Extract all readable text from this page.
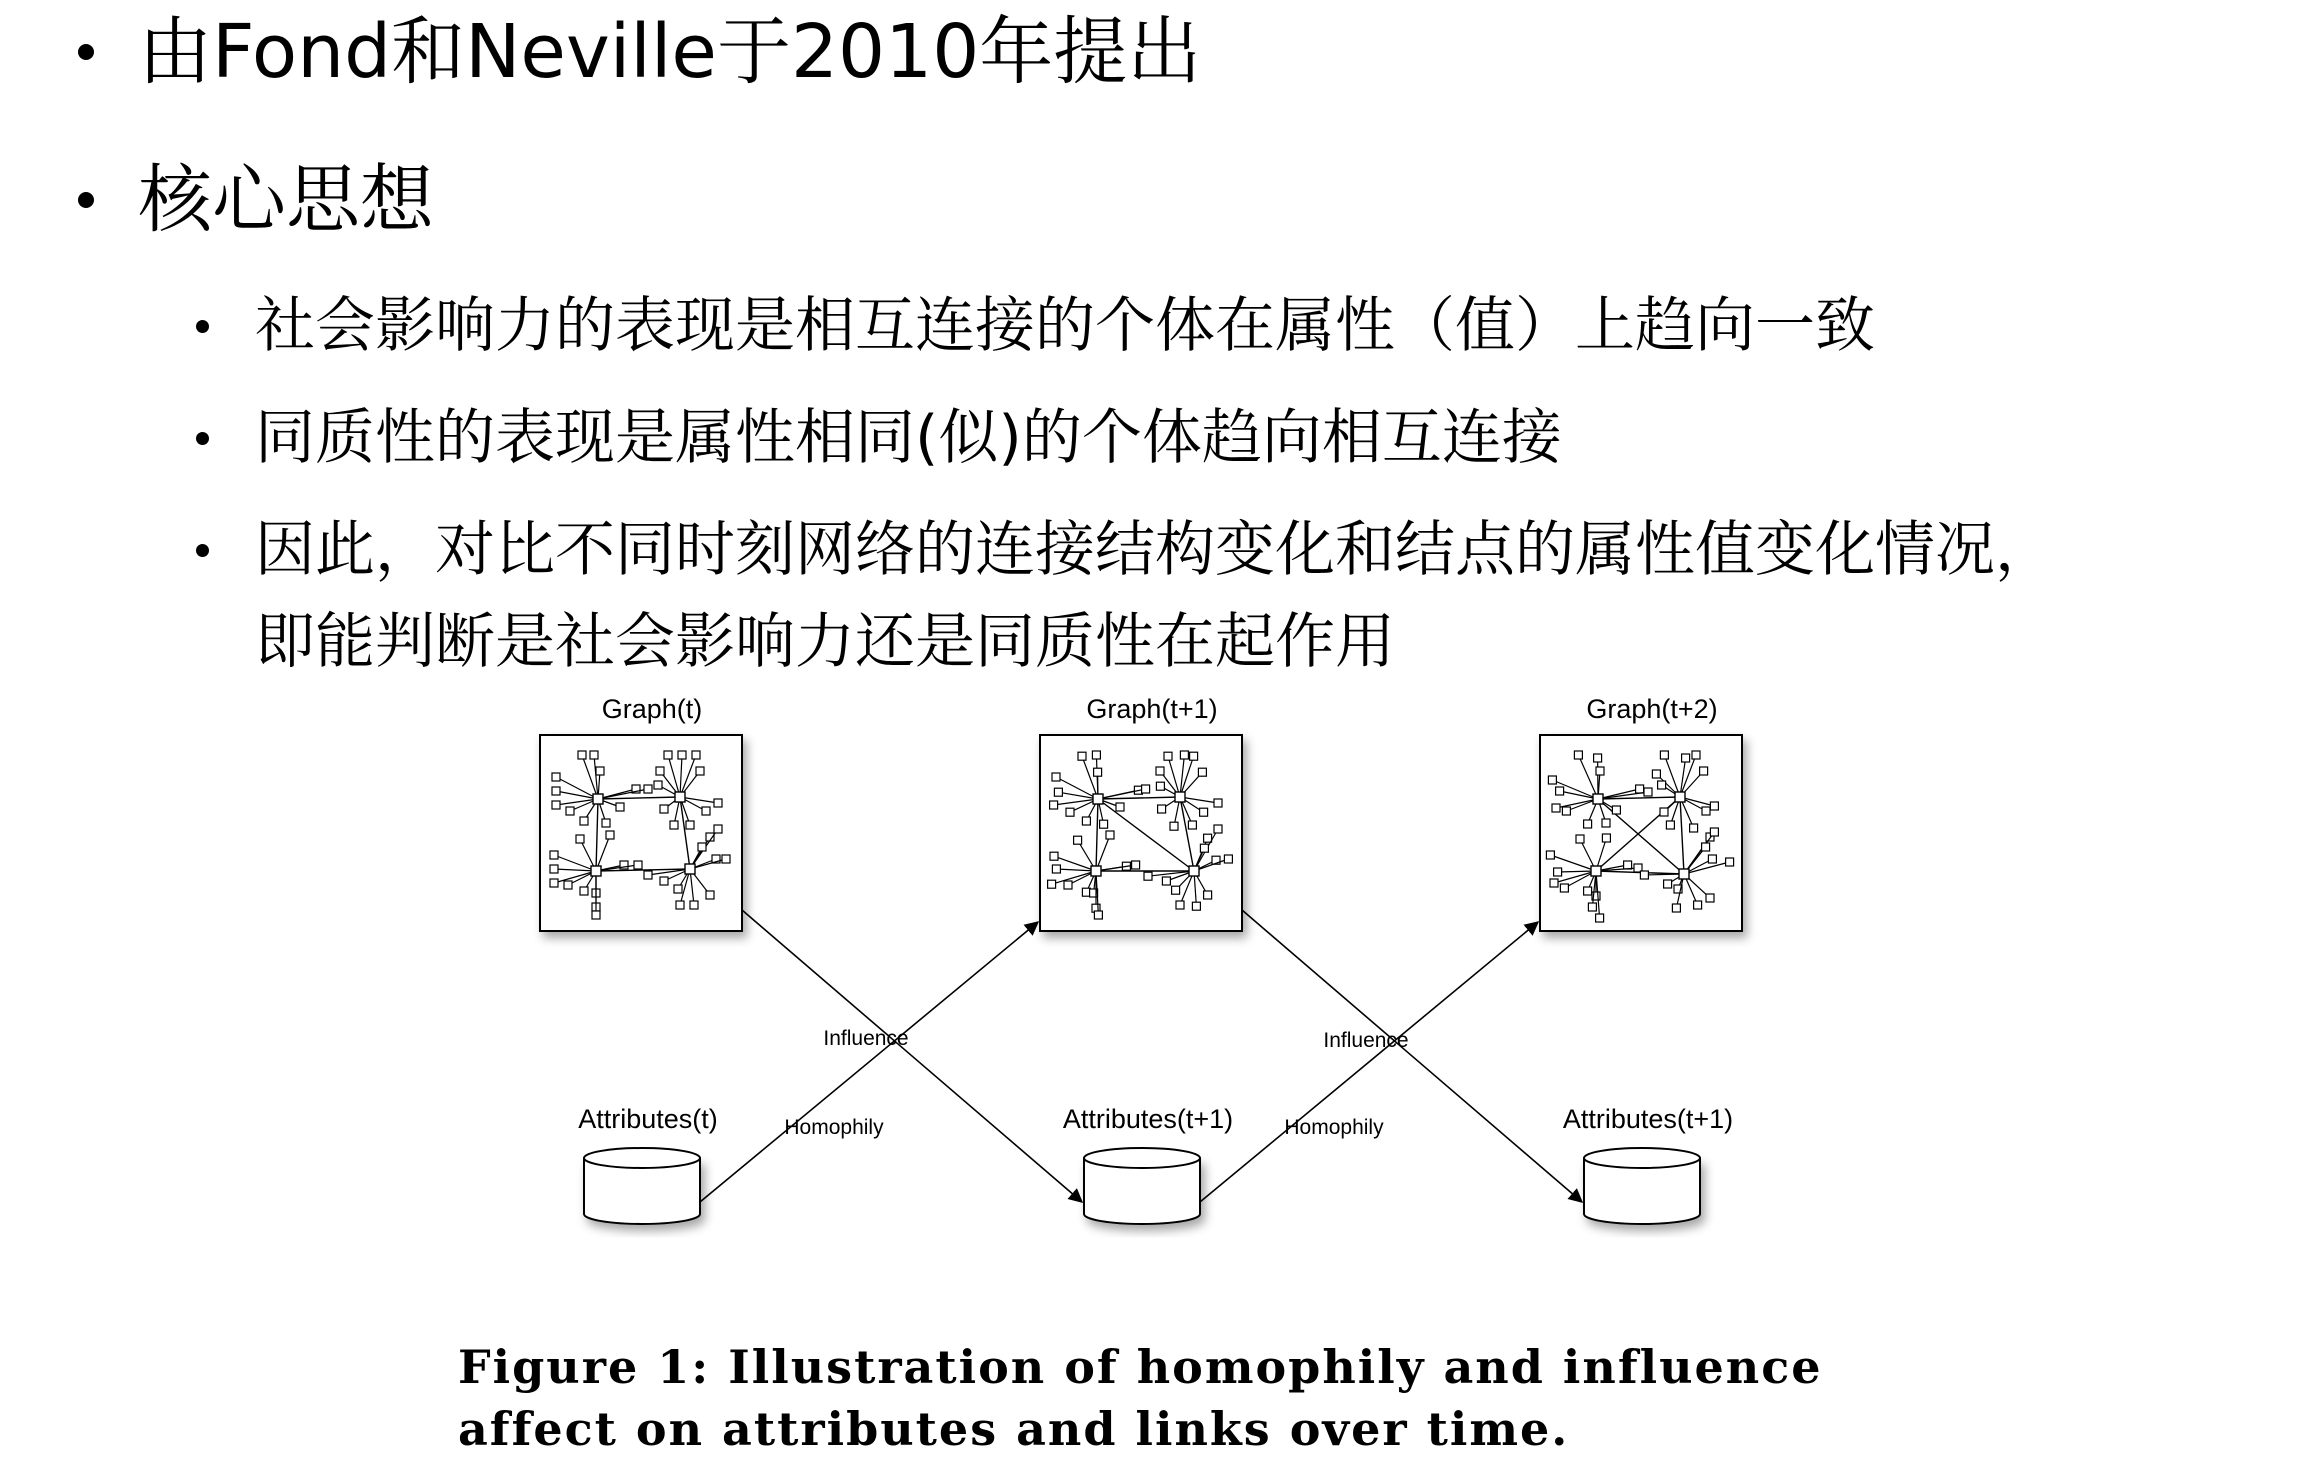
由Fond和Neville于2010年提出
核心思想
社会影响力的表现是相互连接的个体在属性（值）上趋向一致
同质性的表现是属性相同(似)的个体趋向相互连接
因此，对比不同时刻网络的连接结构变化和结点的属性值变化情况，
即能判断是社会影响力还是同质性在起作用
Graph(t)	Graph(t+1)	Graph(t+2)
Attributes(t)	Attributes(t+1)	Attributes(t+1)
Influence	Influence
Homophily	Homophily
Figure 1: Illustration of homophily and influence affect on attributes and links over time.
